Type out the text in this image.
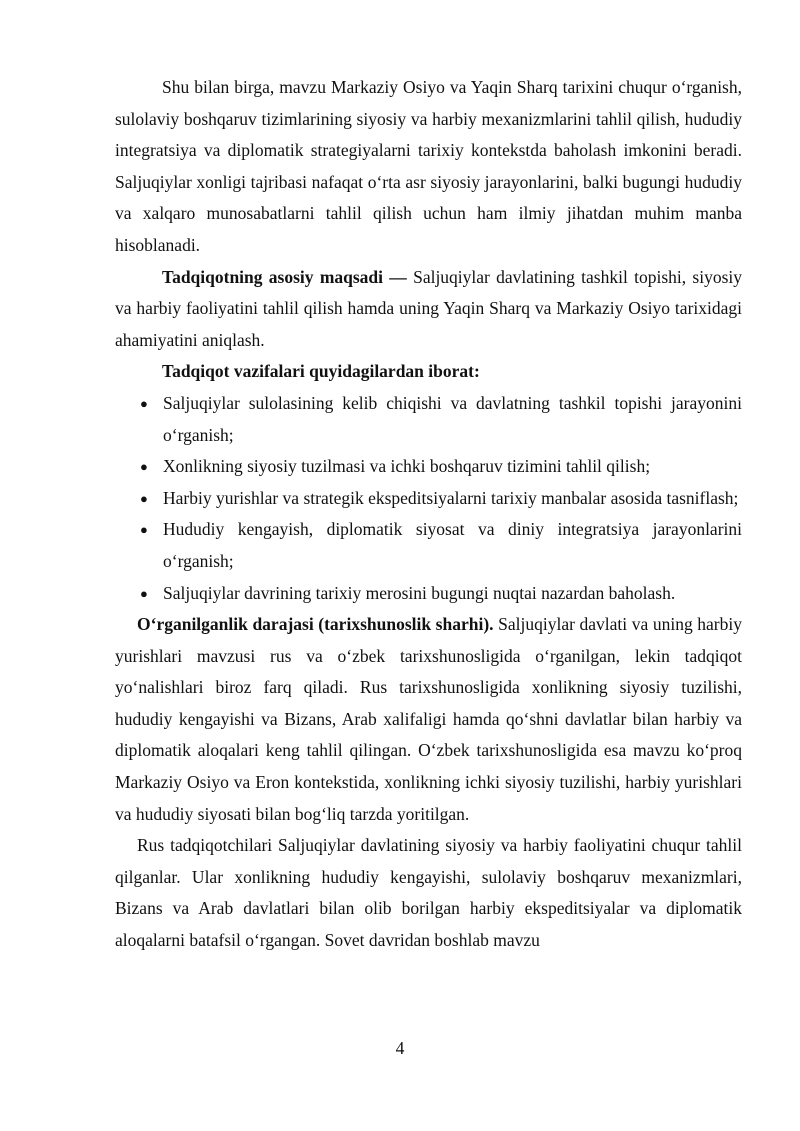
Shu bilan birga, mavzu Markaziy Osiyo va Yaqin Sharq tarixini chuqur o‘rganish, sulolaviy boshqaruv tizimlarining siyosiy va harbiy mexanizmlarini tahlil qilish, hududiy integratsiya va diplomatik strategiyalarni tarixiy kontekstda baholash imkonini beradi. Saljuqiylar xonligi tajribasi nafaqat o‘rta asr siyosiy jarayonlarini, balki bugungi hududiy va xalqaro munosabatlarni tahlil qilish uchun ham ilmiy jihatdan muhim manba hisoblanadi.

Tadqiqotning asosiy maqsadi — Saljuqiylar davlatining tashkil topishi, siyosiy va harbiy faoliyatini tahlil qilish hamda uning Yaqin Sharq va Markaziy Osiyo tarixidagi ahamiyatini aniqlash.

Tadqiqot vazifalari quyidagilardan iborat:
● Saljuqiylar sulolasining kelib chiqishi va davlatning tashkil topishi jarayonini o‘rganish;
● Xonlikning siyosiy tuzilmasi va ichki boshqaruv tizimini tahlil qilish;
● Harbiy yurishlar va strategik ekspeditsiyalarni tarixiy manbalar asosida tasniflash;
● Hududiy kengayish, diplomatik siyosat va diniy integratsiya jarayonlarini o‘rganish;
● Saljuqiylar davrining tarixiy merosini bugungi nuqtai nazardan baholash.

O‘rganilganlik darajasi (tarixshunoslik sharhi). Saljuqiylar davlati va uning harbiy yurishlari mavzusi rus va o‘zbek tarixshunosligida o‘rganilgan, lekin tadqiqot yo‘nalishlari biroz farq qiladi. Rus tarixshunosligida xonlikning siyosiy tuzilishi, hududiy kengayishi va Bizans, Arab xalifaligi hamda qo‘shni davlatlar bilan harbiy va diplomatik aloqalari keng tahlil qilingan. O‘zbek tarixshunosligida esa mavzu ko‘proq Markaziy Osiyo va Eron kontekstida, xonlikning ichki siyosiy tuzilishi, harbiy yurishlari va hududiy siyosati bilan bog‘liq tarzda yoritilgan.

Rus tadqiqotchilari Saljuqiylar davlatining siyosiy va harbiy faoliyatini chuqur tahlil qilganlar. Ular xonlikning hududiy kengayishi, sulolaviy boshqaruv mexanizmlari, Bizans va Arab davlatlari bilan olib borilgan harbiy ekspeditsiyalar va diplomatik aloqalarni batafsil o‘rgangan. Sovet davridan boshlab mavzu

4
